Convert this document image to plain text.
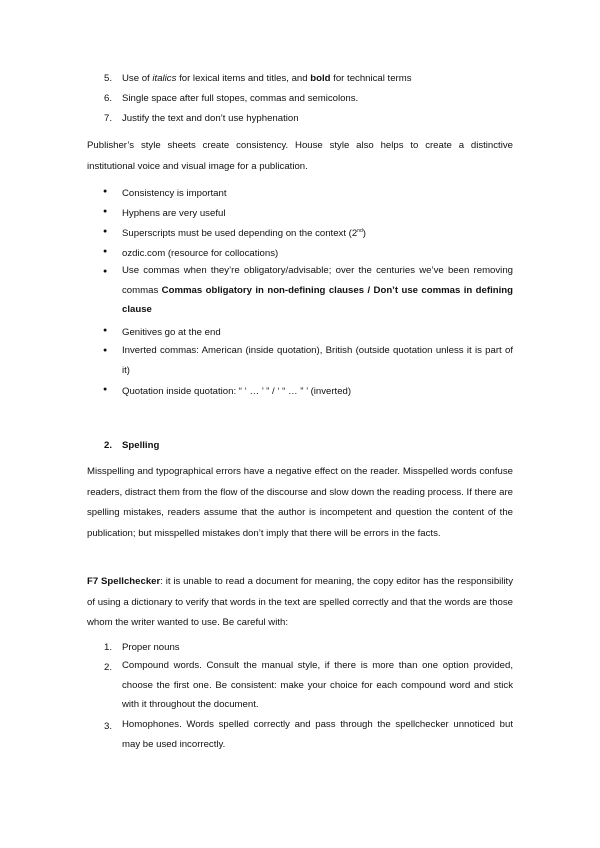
5. Use of italics for lexical items and titles, and bold for technical terms
6. Single space after full stopes, commas and semicolons.
7. Justify the text and don’t use hyphenation
Publisher’s style sheets create consistency. House style also helps to create a distinctive institutional voice and visual image for a publication.
● Consistency is important
● Hyphens are very useful
● Superscripts must be used depending on the context (2nd)
● ozdic.com (resource for collocations)
● Use commas when they’re obligatory/advisable; over the centuries we’ve been removing commas Commas obligatory in non-defining clauses / Don’t use commas in defining clause
● Genitives go at the end
● Inverted commas: American (inside quotation), British (outside quotation unless it is part of it)
● Quotation inside quotation: “ ‘ … ’ ” / ‘ “ … ” ’ (inverted)
2. Spelling
Misspelling and typographical errors have a negative effect on the reader. Misspelled words confuse readers, distract them from the flow of the discourse and slow down the reading process. If there are spelling mistakes, readers assume that the author is incompetent and question the content of the publication; but misspelled mistakes don’t imply that there will be errors in the facts.
F7 Spellchecker: it is unable to read a document for meaning, the copy editor has the responsibility of using a dictionary to verify that words in the text are spelled correctly and that the words are those whom the writer wanted to use. Be careful with:
1. Proper nouns
2. Compound words. Consult the manual style, if there is more than one option provided, choose the first one. Be consistent: make your choice for each compound word and stick with it throughout the document.
3. Homophones. Words spelled correctly and pass through the spellchecker unnoticed but may be used incorrectly.
